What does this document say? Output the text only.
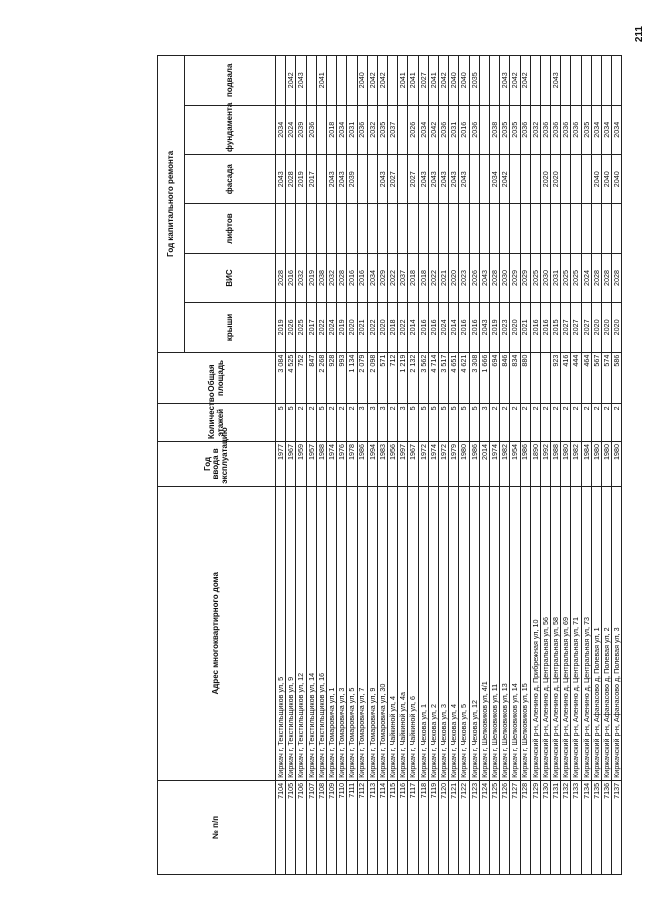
211
№ п/п	Адрес многоквартирного дома	Год ввода в эксплуатацию	Количество этажей	Общая площадь	Год капитального ремонта					
					крыши	ВИС	лифтов	фасада	фундамента	подвала
7104	Киржач г, Текстильщиков ул, 5	1977	5	3 084	2019	2028		2043	2034	
7105	Киржач г, Текстильщиков ул, 9	1967	5	4 525	2026	2016		2028	2024	2042
7106	Киржач г, Текстильщиков ул, 12	1959	2	752	2025	2032		2019	2039	2043
7107	Киржач г, Текстильщиков ул, 14	1957	2	847	2017	2019		2017	2036	
7108	Киржач г, Текстильщиков ул, 16	1988	5	2 268	2022	2038				2041
7109	Киржач г, Томаровича ул, 1	1974	2	928	2024	2032		2043	2018	
7110	Киржач г, Томаровича ул, 3	1976	2	993	2019	2028		2043	2034	
7111	Киржач г, Томаровича ул, 5	1978	2	1 134	2020	2016		2039	2031	
7112	Киржач г, Томаровича ул, 7	1986	3	2 079	2021	2016			2036	2040
7113	Киржач г, Томаровича ул, 9	1994	3	2 098	2022	2034			2032	2042
7114	Киржач г, Томаровича ул, 30	1983	3	571	2020	2029		2043	2035	2042
7115	Киржач г, Чайкиной ул, 4	1956	2	712	2018	2022		2027	2037	
7116	Киржач г, Чайкиной ул, 4а	1997	3	1 219	2022	2037				2041
7117	Киржач г, Чайкиной ул, 6	1967	5	2 132	2014	2018		2027	2026	2041
7118	Киржач г, Чехова ул, 1	1972	5	3 562	2016	2018		2043	2034	2027
7119	Киржач г, Чехова ул, 2	1974	5	4 714	2016	2022		2043	2042	2041
7120	Киржач г, Чехова ул, 3	1972	5	3 517	2024	2021		2043	2036	2042
7121	Киржач г, Чехова ул, 4	1979	5	4 651	2014	2020		2043	2031	2040
7122	Киржач г, Чехова ул, 5	1980	5	4 621	2016	2023		2043	2016	2040
7123	Киржач г, Чехова ул, 12	1986	5	3 308	2016	2026			2036	2035
7124	Киржач г, Шелковиков ул, 4/1	2014	3	1 666	2043	2043				
7125	Киржач г, Шелковиков ул, 11	1974	2	694	2019	2028		2034	2038	
7126	Киржач г, Шелковиков ул, 13	1982	2	846	2023	2030		2042	2035	2043
7127	Киржач г, Шелковиков ул, 14	1954	2	834	2020	2029			2035	2042
7128	Киржач г, Шелковиков ул, 15	1986	2	880	2021	2029			2036	2042
7129	Киржачский р-н, Аленино д, Прибрежная ул, 10	1890	2		2016	2025			2032	
7130	Киржачский р-н, Аленино д, Центральная ул, 56	1992	2		2016	2030		2020	2036	
7131	Киржачский р-н, Аленино д, Центральная ул, 58	1988	2	923	2015	2031		2020	2036	2043
7132	Киржачский р-н, Аленино д, Центральная ул, 69	1980	2	416	2027	2025			2036	
7133	Киржачский р-н, Аленино д, Центральная ул, 71	1982	2	444	2027	2025			2036	
7134	Киржачский р-н, Аленино д, Центральная ул, 73	1984	2	464	2027	2024			2035	
7135	Киржачский р-н, Афанасово д, Полевая ул, 1	1980	2	567	2020	2028		2040	2034	
7136	Киржачский р-н, Афанасово д, Полевая ул, 2	1980	2	574	2020	2028		2040	2034	
7137	Киржачский р-н, Афанасово д, Полевая ул, 3	1980	2	586	2020	2028		2040	2034	
